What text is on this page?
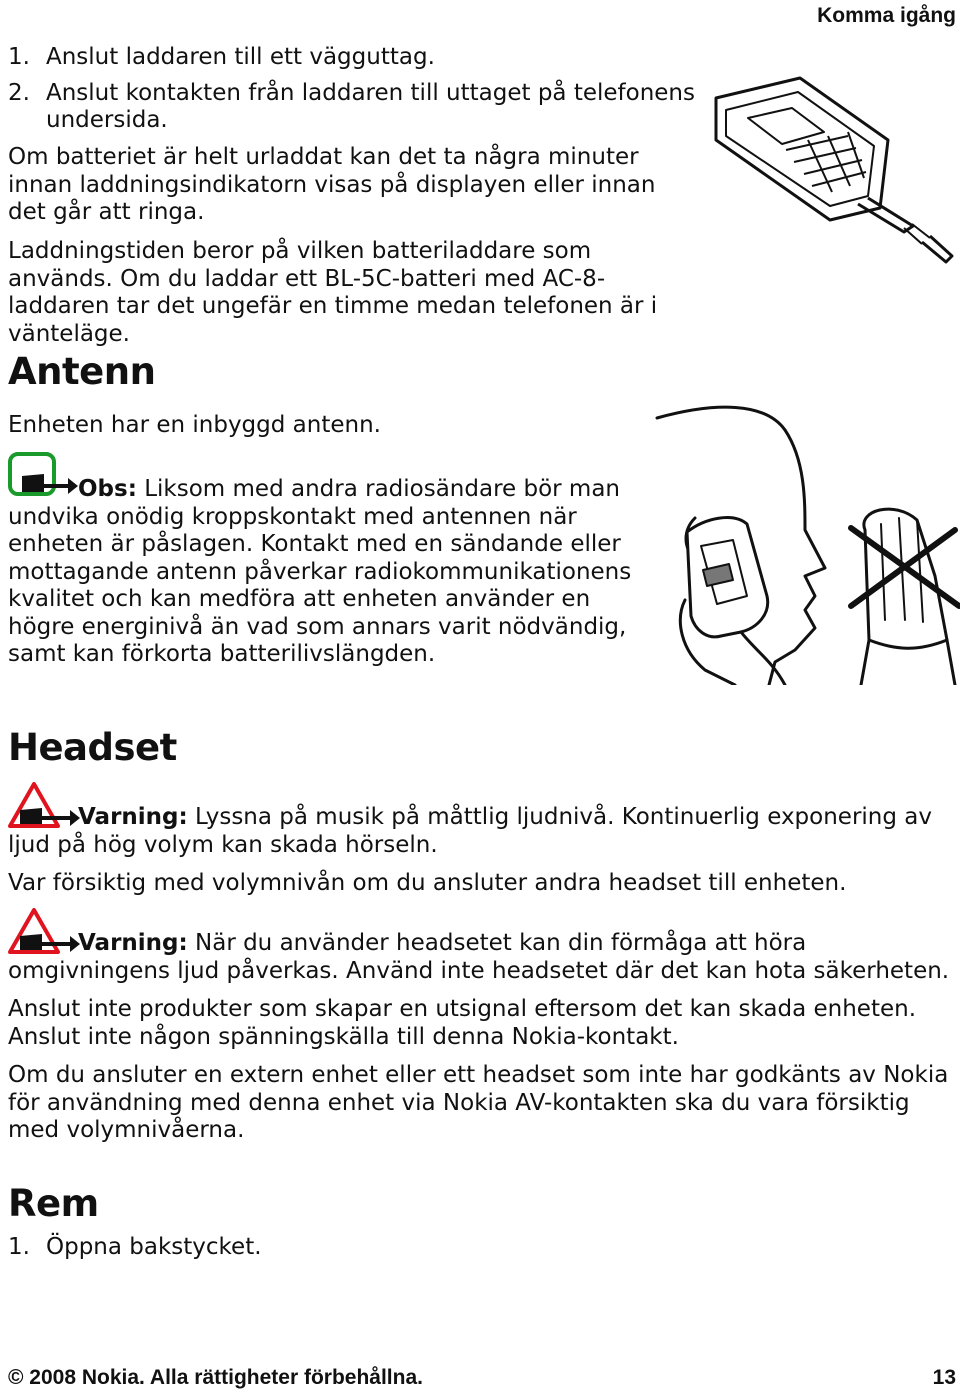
Komma igång
1. Anslut laddaren till ett vägguttag.
2. Anslut kontakten från laddaren till uttaget på telefonens undersida.

Om batteriet är helt urladdat kan det ta några minuter innan laddningsindikatorn visas på displayen eller innan det går att ringa.

Laddningstiden beror på vilken batteriladdare som används. Om du laddar ett BL-5C-batteri med AC-8-laddaren tar det ungefär en timme medan telefonen är i vänteläge.

Antenn

Enheten har en inbyggd antenn.

Obs: Liksom med andra radiosändare bör man undvika onödig kroppskontakt med antennen när enheten är påslagen. Kontakt med en sändande eller mottagande antenn påverkar radiokommunikationens kvalitet och kan medföra att enheten använder en högre energinivå än vad som annars varit nödvändig, samt kan förkorta batterilivslängden.

Headset

Varning: Lyssna på musik på måttlig ljudnivå. Kontinuerlig exponering av ljud på hög volym kan skada hörseln.

Var försiktig med volymnivån om du ansluter andra headset till enheten.

Varning: När du använder headsetet kan din förmåga att höra omgivningens ljud påverkas. Använd inte headsetet där det kan hota säkerheten.

Anslut inte produkter som skapar en utsignal eftersom det kan skada enheten. Anslut inte någon spänningskälla till denna Nokia-kontakt.

Om du ansluter en extern enhet eller ett headset som inte har godkänts av Nokia för användning med denna enhet via Nokia AV-kontakten ska du vara försiktig med volymnivåerna.

Rem
1. Öppna bakstycket.
© 2008 Nokia. Alla rättigheter förbehållna.	13
